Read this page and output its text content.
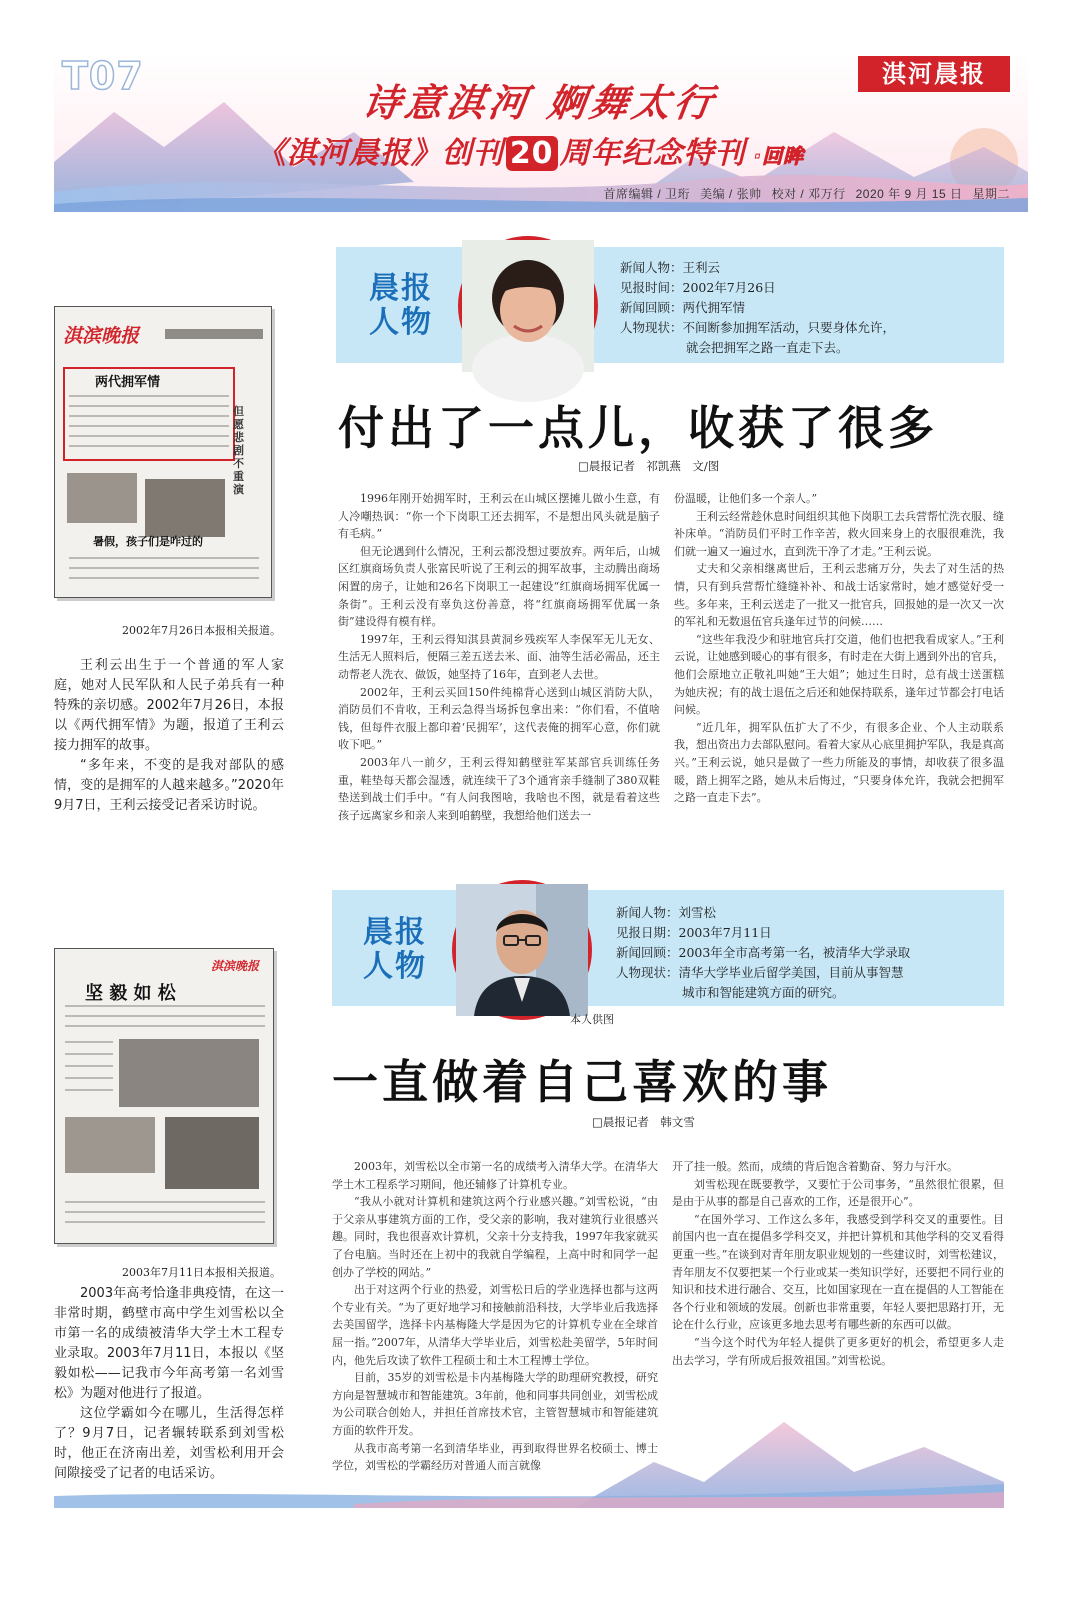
T07	淇河晨报
诗意淇河 婀舞太行
《淇河晨报》创刊 20 周年纪念特刊 ·回眸
首席编辑 / 卫珩 美编 / 张帅 校对 / 邓万行 2020 年 9 月 15 日 星期二
晨报
人物
新闻人物：王利云
见报时间：2002年7月26日
新闻回顾：两代拥军情
人物现状：不间断参加拥军活动，只要身体允许，
就会把拥军之路一直走下去。
付出了一点儿，收获了很多
□晨报记者　祁凯燕　文/图
淇滨晚报
两代拥军情
但愿悲剧不重演
暑假，孩子们是咋过的
2002年7月26日本报相关报道。

王利云出生于一个普通的军人家庭，她对人民军队和人民子弟兵有一种特殊的亲切感。2002年7月26日，本报以《两代拥军情》为题，报道了王利云接力拥军的故事。

“多年来，不变的是我对部队的感情，变的是拥军的人越来越多。”2020年9月7日，王利云接受记者采访时说。

1996年刚开始拥军时，王利云在山城区摆摊儿做小生意，有人冷嘲热讽：“你一个下岗职工还去拥军，不是想出风头就是脑子有毛病。”

但无论遇到什么情况，王利云都没想过要放弃。两年后，山城区红旗商场负责人张富民听说了王利云的拥军故事，主动腾出商场闲置的房子，让她和26名下岗职工一起建设“红旗商场拥军优属一条街”。王利云没有辜负这份善意，将“红旗商场拥军优属一条街”建设得有模有样。

1997年，王利云得知淇县黄洞乡残疾军人李保军无儿无女、生活无人照料后，便隔三差五送去米、面、油等生活必需品，还主动帮老人洗衣、做饭，她坚持了16年，直到老人去世。

2002年，王利云买回150件纯棉背心送到山城区消防大队，消防员们不肯收，王利云急得当场拆包拿出来：“你们看，不值啥钱，但每件衣服上都印着‘民拥军’，这代表俺的拥军心意，你们就收下吧。”

2003年八一前夕，王利云得知鹤壁驻军某部官兵训练任务重，鞋垫每天都会湿透，就连续干了3个通宵亲手缝制了380双鞋垫送到战士们手中。“有人问我图啥，我啥也不图，就是看着这些孩子远离家乡和亲人来到咱鹤壁，我想给他们送去一

份温暖，让他们多一个亲人。”

王利云经常趁休息时间组织其他下岗职工去兵营帮忙洗衣服、缝补床单。“消防员们平时工作辛苦，救火回来身上的衣服很难洗，我们就一遍又一遍过水，直到洗干净了才走。”王利云说。

丈夫和父亲相继离世后，王利云悲痛万分，失去了对生活的热情，只有到兵营帮忙缝缝补补、和战士话家常时，她才感觉好受一些。多年来，王利云送走了一批又一批官兵，回报她的是一次又一次的军礼和无数退伍官兵逢年过节的问候……

“这些年我没少和驻地官兵打交道，他们也把我看成家人。”王利云说，让她感到暖心的事有很多，有时走在大街上遇到外出的官兵，他们会原地立正敬礼叫她“王大姐”；她过生日时，总有战士送蛋糕为她庆祝；有的战士退伍之后还和她保持联系，逢年过节都会打电话问候。

“近几年，拥军队伍扩大了不少，有很多企业、个人主动联系我，想出资出力去部队慰问。看着大家从心底里拥护军队，我是真高兴。”王利云说，她只是做了一些力所能及的事情，却收获了很多温暖，踏上拥军之路，她从未后悔过，“只要身体允许，我就会把拥军之路一直走下去”。

晨报
人物
本人供图
新闻人物：刘雪松
见报日期：2003年7月11日
新闻回顾：2003年全市高考第一名，被清华大学录取
人物现状：清华大学毕业后留学美国，目前从事智慧
城市和智能建筑方面的研究。
一直做着自己喜欢的事
□晨报记者　韩文雪
淇滨晚报
坚 毅 如 松
2003年7月11日本报相关报道。

2003年高考恰逢非典疫情，在这一非常时期，鹤壁市高中学生刘雪松以全市第一名的成绩被清华大学土木工程专业录取。2003年7月11日，本报以《坚毅如松——记我市今年高考第一名刘雪松》为题对他进行了报道。

这位学霸如今在哪儿，生活得怎样了？9月7日，记者辗转联系到刘雪松时，他正在济南出差，刘雪松利用开会间隙接受了记者的电话采访。

2003年，刘雪松以全市第一名的成绩考入清华大学。在清华大学土木工程系学习期间，他还辅修了计算机专业。

“我从小就对计算机和建筑这两个行业感兴趣。”刘雪松说，“由于父亲从事建筑方面的工作，受父亲的影响，我对建筑行业很感兴趣。同时，我也很喜欢计算机，父亲十分支持我，1997年我家就买了台电脑。当时还在上初中的我就自学编程，上高中时和同学一起创办了学校的网站。”

出于对这两个行业的热爱，刘雪松日后的学业选择也都与这两个专业有关。“为了更好地学习和接触前沿科技，大学毕业后我选择去美国留学，选择卡内基梅隆大学是因为它的计算机专业在全球首屈一指。”2007年，从清华大学毕业后，刘雪松赴美留学，5年时间内，他先后攻读了软件工程硕士和土木工程博士学位。

目前，35岁的刘雪松是卡内基梅隆大学的助理研究教授，研究方向是智慧城市和智能建筑。3年前，他和同事共同创业，刘雪松成为公司联合创始人，并担任首席技术官，主管智慧城市和智能建筑方面的软件开发。

从我市高考第一名到清华毕业，再到取得世界名校硕士、博士学位，刘雪松的学霸经历对普通人而言就像

开了挂一般。然而，成绩的背后饱含着勤奋、努力与汗水。

刘雪松现在既要教学，又要忙于公司事务，“虽然很忙很累，但是由于从事的都是自己喜欢的工作，还是很开心”。

“在国外学习、工作这么多年，我感受到学科交叉的重要性。目前国内也一直在提倡多学科交叉，并把计算机和其他学科的交叉看得更重一些。”在谈到对青年朋友职业规划的一些建议时，刘雪松建议，青年朋友不仅要把某一个行业或某一类知识学好，还要把不同行业的知识和技术进行融合、交互，比如国家现在一直在提倡的人工智能在各个行业和领域的发展。创新也非常重要，年轻人要把思路打开，无论在什么行业，应该更多地去思考有哪些新的东西可以做。

“当今这个时代为年轻人提供了更多更好的机会，希望更多人走出去学习，学有所成后报效祖国。”刘雪松说。
